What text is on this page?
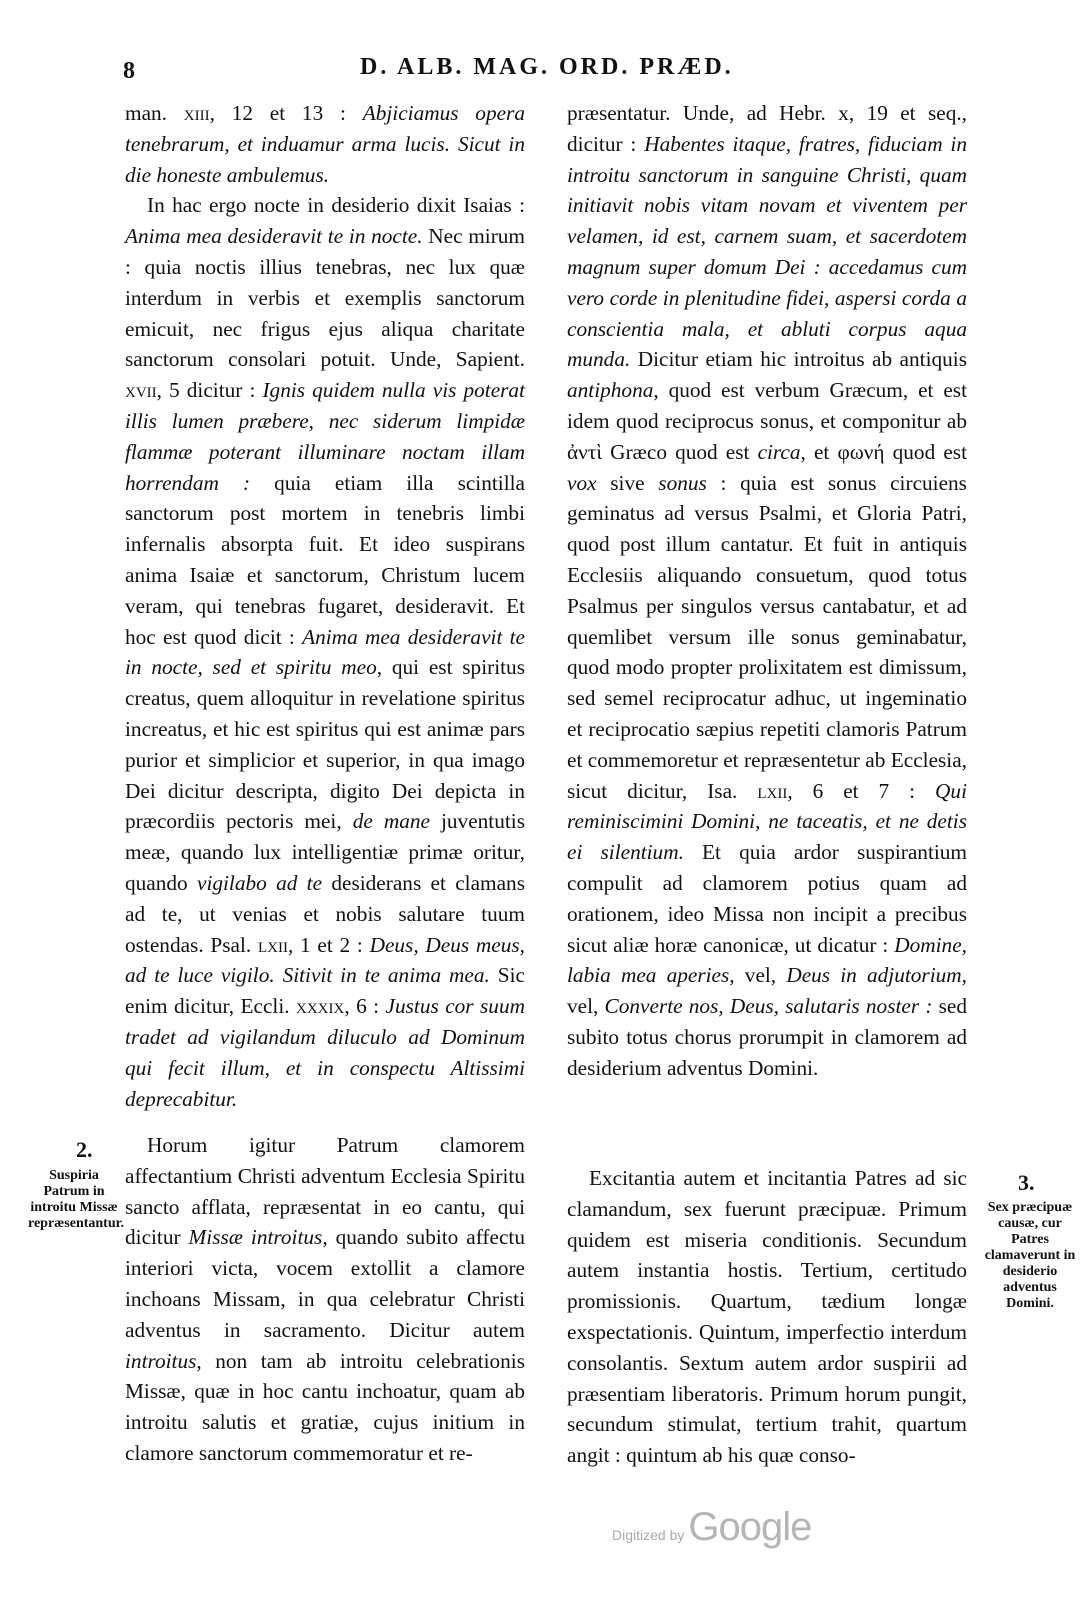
8	D. ALB. MAG. ORD. PRÆD.

man. xiii, 12 et 13 : Abjiciamus opera tenebrarum, et induamur arma lucis. Sicut in die honeste ambulemus.

In hac ergo nocte in desiderio dixit Isaias : Anima mea desideravit te in nocte. Nec mirum : quia noctis illius tenebras, nec lux quæ interdum in verbis et exemplis sanctorum emicuit, nec frigus ejus aliqua charitate sanctorum consolari potuit. Unde, Sapient. xvii, 5 dicitur : Ignis quidem nulla vis poterat illis lumen præbere, nec siderum limpidæ flammæ poterant illuminare noctam illam horrendam : quia etiam illa scintilla sanctorum post mortem in tenebris limbi infernalis absorpta fuit. Et ideo suspirans anima Isaiæ et sanctorum, Christum lucem veram, qui tenebras fugaret, desideravit. Et hoc est quod dicit : Anima mea desideravit te in nocte, sed et spiritu meo, qui est spiritus creatus, quem alloquitur in revelatione spiritus increatus, et hic est spiritus qui est animæ pars purior et simplicior et superior, in qua imago Dei dicitur descripta, digito Dei depicta in præcordiis pectoris mei, de mane juventutis meæ, quando lux intelligentiæ primæ oritur, quando vigilabo ad te desiderans et clamans ad te, ut venias et nobis salutare tuum ostendas. Psal. lxii, 1 et 2 : Deus, Deus meus, ad te luce vigilo. Sitivit in te anima mea. Sic enim dicitur, Eccli. xxxix, 6 : Justus cor suum tradet ad vigilandum diluculo ad Dominum qui fecit illum, et in conspectu Altissimi deprecabitur.

Horum igitur Patrum clamorem affectantium Christi adventum Ecclesia Spiritu sancto afflata, repræsentat in eo cantu, qui dicitur Missæ introitus, quando subito affectu interiori victa, vocem extollit a clamore inchoans Missam, in qua celebratur Christi adventus in sacramento. Dicitur autem introitus, non tam ab introitu celebrationis Missæ, quæ in hoc cantu inchoatur, quam ab introitu salutis et gratiæ, cujus initium in clamore sanctorum commemoratur et re-

præsentatur. Unde, ad Hebr. x, 19 et seq., dicitur : Habentes itaque, fratres, fiduciam in introitu sanctorum in sanguine Christi, quam initiavit nobis vitam novam et viventem per velamen, id est, carnem suam, et sacerdotem magnum super domum Dei : accedamus cum vero corde in plenitudine fidei, aspersi corda a conscientia mala, et abluti corpus aqua munda. Dicitur etiam hic introitus ab antiquis antiphona, quod est verbum Græcum, et est idem quod reciprocus sonus, et componitur ab ἀντὶ Græco quod est circa, et φωνή quod est vox sive sonus : quia est sonus circuiens geminatus ad versus Psalmi, et Gloria Patri, quod post illum cantatur. Et fuit in antiquis Ecclesiis aliquando consuetum, quod totus Psalmus per singulos versus cantabatur, et ad quemlibet versum ille sonus geminabatur, quod modo propter prolixitatem est dimissum, sed semel reciprocatur adhuc, ut ingeminatio et reciprocatio sæpius repetiti clamoris Patrum et commemoretur et repræsentetur ab Ecclesia, sicut dicitur, Isa. lxii, 6 et 7 : Qui reminiscimini Domini, ne taceatis, et ne detis ei silentium. Et quia ardor suspirantium compulit ad clamorem potius quam ad orationem, ideo Missa non incipit a precibus sicut aliæ horæ canonicæ, ut dicatur : Domine, labia mea aperies, vel, Deus in adjutorium, vel, Converte nos, Deus, salutaris noster : sed subito totus chorus prorumpit in clamorem ad desiderium adventus Domini.

Excitantia autem et incitantia Patres ad sic clamandum, sex fuerunt præcipuæ. Primum quidem est miseria conditionis. Secundum autem instantia hostis. Tertium, certitudo promissionis. Quartum, tædium longæ exspectationis. Quintum, imperfectio interdum consolantis. Sextum autem ardor suspirii ad præsentiam liberatoris. Primum horum pungit, secundum stimulat, tertium trahit, quartum angit : quintum ab his quæ conso-

2.
Suspiria Patrum in introitu Missæ repræsentantur.
3.
Sex præcipuæ causæ, cur Patres clamaverunt in desiderio adventus Domini.
Digitized by Google
